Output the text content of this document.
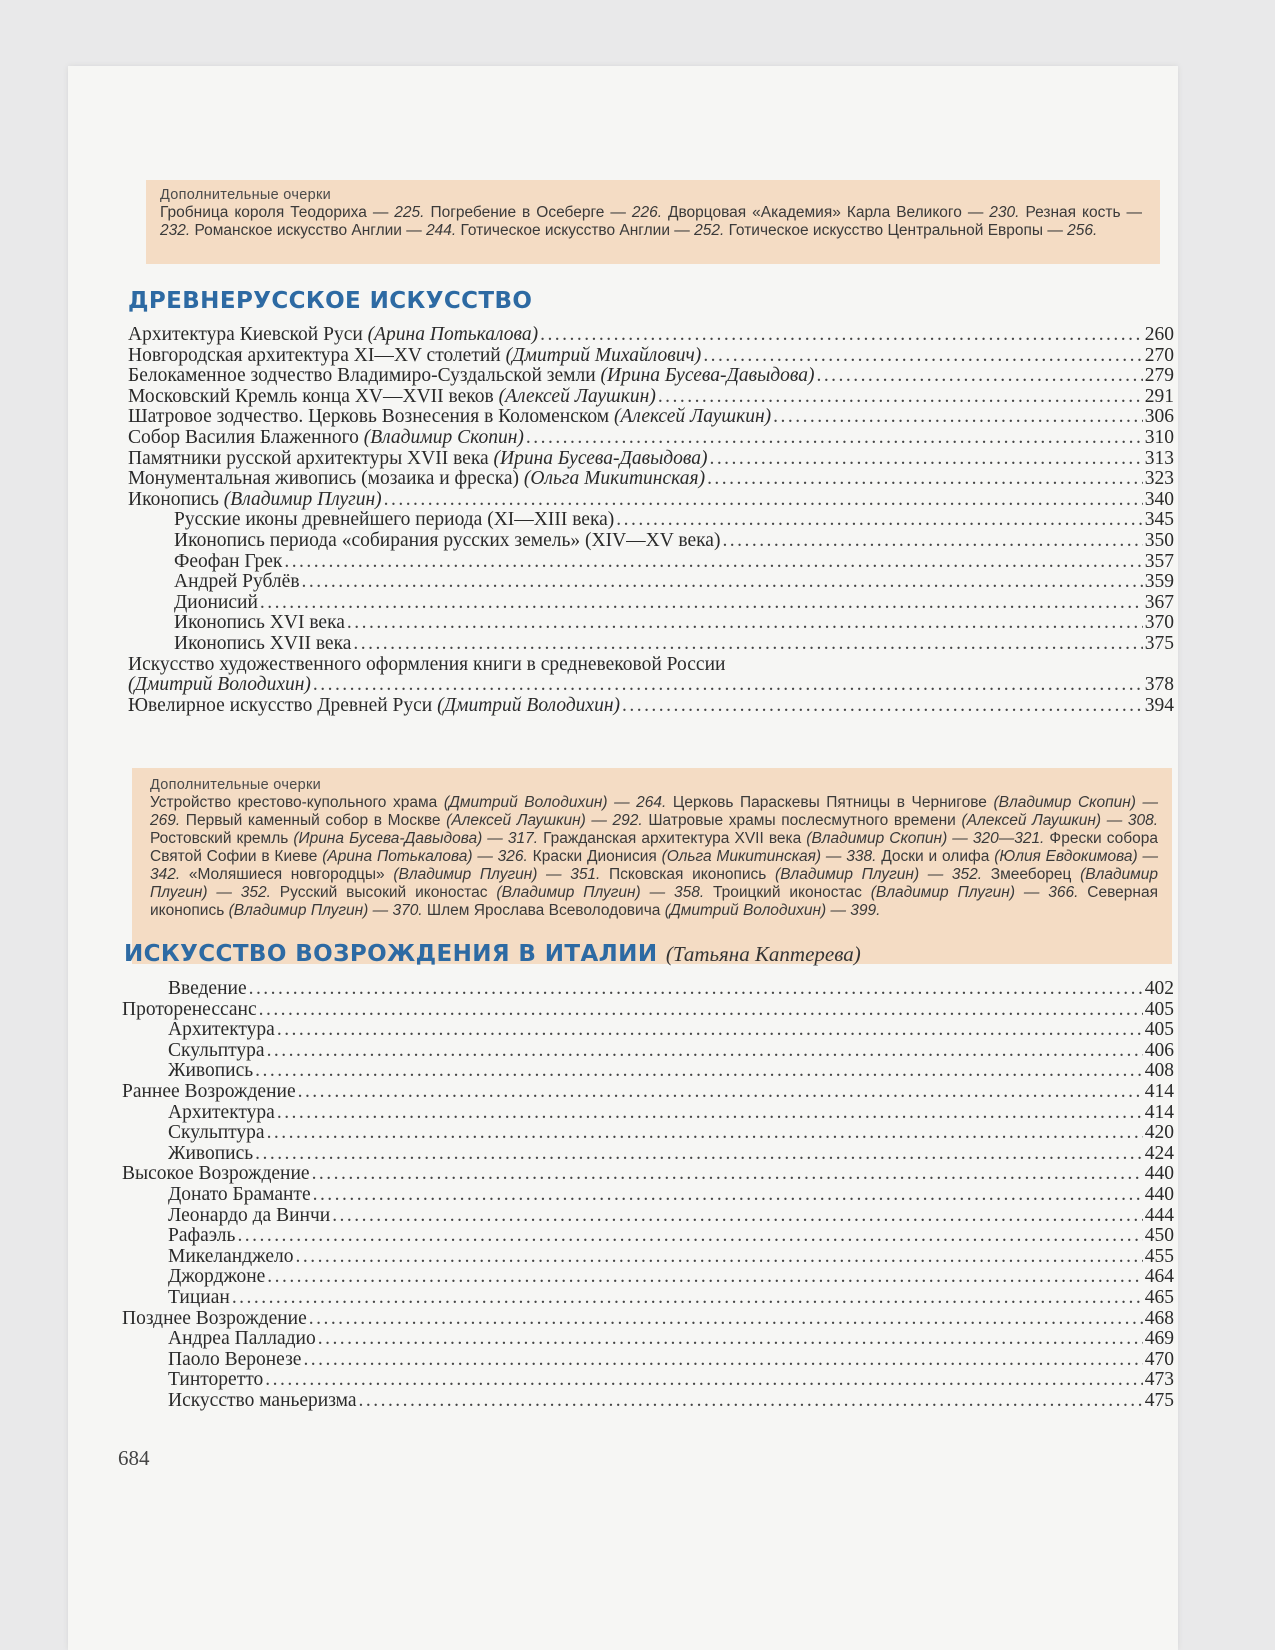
Дополнительные очерки

Гробница короля Теодориха — 225. Погребение в Осеберге — 226. Дворцовая «Академия» Карла Великого — 230. Резная кость — 232. Романское искусство Англии — 244. Готическое искусство Англии — 252. Готическое искусство Центральной Европы — 256.

ДРЕВНЕРУССКОЕ ИСКУССТВО
Архитектура Киевской Руси (Арина Потькалова) . . .	260
Новгородская архитектура XI—XV столетий (Дмитрий Михайлович) . . .	270
Белокаменное зодчество Владимиро-Суздальской земли (Ирина Бусева-Давыдова) . . .	279
Московский Кремль конца XV—XVII веков (Алексей Лаушкин) . . .	291
Шатровое зодчество. Церковь Вознесения в Коломенском (Алексей Лаушкин) . . .	306
Собор Василия Блаженного (Владимир Скопин) . . .	310
Памятники русской архитектуры XVII века (Ирина Бусева-Давыдова) . . .	313
Монументальная живопись (мозаика и фреска) (Ольга Микитинская) . . .	323
Иконопись (Владимир Плугин) . . .	340
Русские иконы древнейшего периода (XI—XIII века) . . .	345
Иконопись периода «собирания русских земель» (XIV—XV века) . . .	350
Феофан Грек . . .	357
Андрей Рублёв . . .	359
Дионисий . . .	367
Иконопись XVI века . . .	370
Иконопись XVII века . . .	375
Искусство художественного оформления книги в средневековой России
(Дмитрий Володихин) . . .	378
Ювелирное искусство Древней Руси (Дмитрий Володихин) . . .	394
Дополнительные очерки

Устройство крестово-купольного храма (Дмитрий Володихин) — 264. Церковь Параскевы Пятницы в Чернигове (Владимир Скопин) — 269. Первый каменный собор в Москве (Алексей Лаушкин) — 292. Шатровые храмы послесмутного времени (Алексей Лаушкин) — 308. Ростовский кремль (Ирина Бусева-Давыдова) — 317. Гражданская архитектура XVII века (Владимир Скопин) — 320—321. Фрески собора Святой Софии в Киеве (Арина Потькалова) — 326. Краски Дионисия (Ольга Микитинская) — 338. Доски и олифа (Юлия Евдокимова) — 342. «Моляшиеся новгородцы» (Владимир Плугин) — 351. Псковская иконопись (Владимир Плугин) — 352. Змееборец (Владимир Плугин) — 352. Русский высокий иконостас (Владимир Плугин) — 358. Троицкий иконостас (Владимир Плугин) — 366. Северная иконопись (Владимир Плугин) — 370. Шлем Ярослава Всеволодовича (Дмитрий Володихин) — 399.

ИСКУССТВО ВОЗРОЖДЕНИЯ В ИТАЛИИ (Татьяна Каптерева)
Введение . . .	402
Проторенессанс . . .	405
Архитектура . . .	405
Скульптура . . .	406
Живопись . . .	408
Раннее Возрождение . . .	414
Архитектура . . .	414
Скульптура . . .	420
Живопись . . .	424
Высокое Возрождение . . .	440
Донато Браманте . . .	440
Леонардо да Винчи . . .	444
Рафаэль . . .	450
Микеланджело . . .	455
Джорджоне . . .	464
Тициан . . .	465
Позднее Возрождение . . .	468
Андреа Палладио . . .	469
Паоло Веронезе . . .	470
Тинторетто . . .	473
Искусство маньеризма . . .	475
684
